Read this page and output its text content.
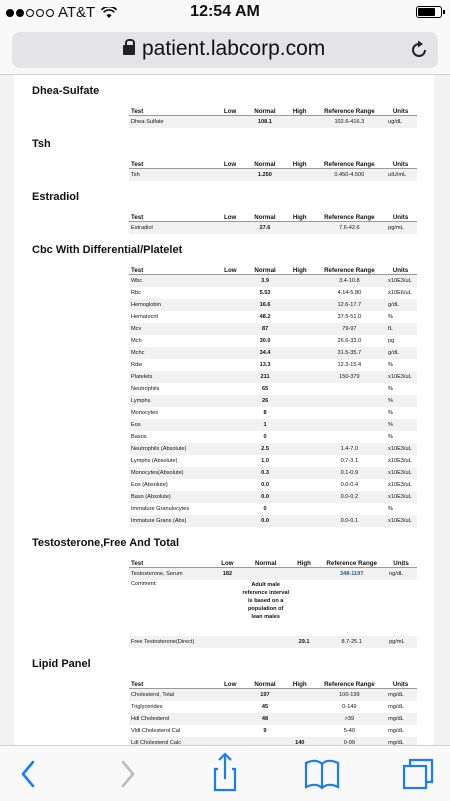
AT&T	12:54 AM
patient.labcorp.com
Dhea-Sulfate
Test	Low	Normal	High	Reference Range	Units
Dhea-Sulfate		108.1		102.6-416.3	ug/dL
Tsh
Test	Low	Normal	High	Reference Range	Units
Tsh		1.250		0.450-4.500	uIU/mL
Estradiol
Test	Low	Normal	High	Reference Range	Units
Estradiol		27.6		7.6-42.6	pg/mL
Cbc With Differential/Platelet
Test	Low	Normal	High	Reference Range	Units
Wbc		3.9		3.4-10.8	x10E3/uL
Rbc		5.53		4.14-5.80	x10E6/uL
Hemoglobin		16.6		12.6-17.7	g/dL
Hematocrit		48.2		37.5-51.0	%
Mcv		87		79-97	fL
Mch		30.0		26.6-33.0	pg
Mchc		34.4		31.5-35.7	g/dL
Rdw		13.3		12.3-15.4	%
Platelets		211		150-379	x10E3/uL
Neutrophils		65			%
Lymphs		26			%
Monocytes		8			%
Eos		1			%
Basos		0			%
Neutrophils (Absolute)		2.5		1.4-7.0	x10E3/uL
Lymphs (Absolute)		1.0		0.7-3.1	x10E3/uL
Monocytes(Absolute)		0.3		0.1-0.9	x10E3/uL
Eos (Absolute)		0.0		0.0-0.4	x10E3/uL
Baso (Absolute)		0.0		0.0-0.2	x10E3/uL
Immature Granulocytes		0			%
Immature Grans (Abs)		0.0		0.0-0.1	x10E3/uL
Testosterone,Free And Total
Test	Low	Normal	High	Reference Range	Units
Testosterone, Serum	182			348-1197	ng/dL
Comment:		Adult male reference interval is based on a population of lean males			

Free Testosterone(Direct)			29.1	8.7-25.1	pg/mL
Lipid Panel
Test	Low	Normal	High	Reference Range	Units
Cholesterol, Total		197		100-199	mg/dL
Triglycerides		45		0-149	mg/dL
Hdl Cholesterol		48		>39	mg/dL
Vldl Cholesterol Cal		9		5-40	mg/dL
Ldl Cholesterol Calc			140	0-99	mg/dL
